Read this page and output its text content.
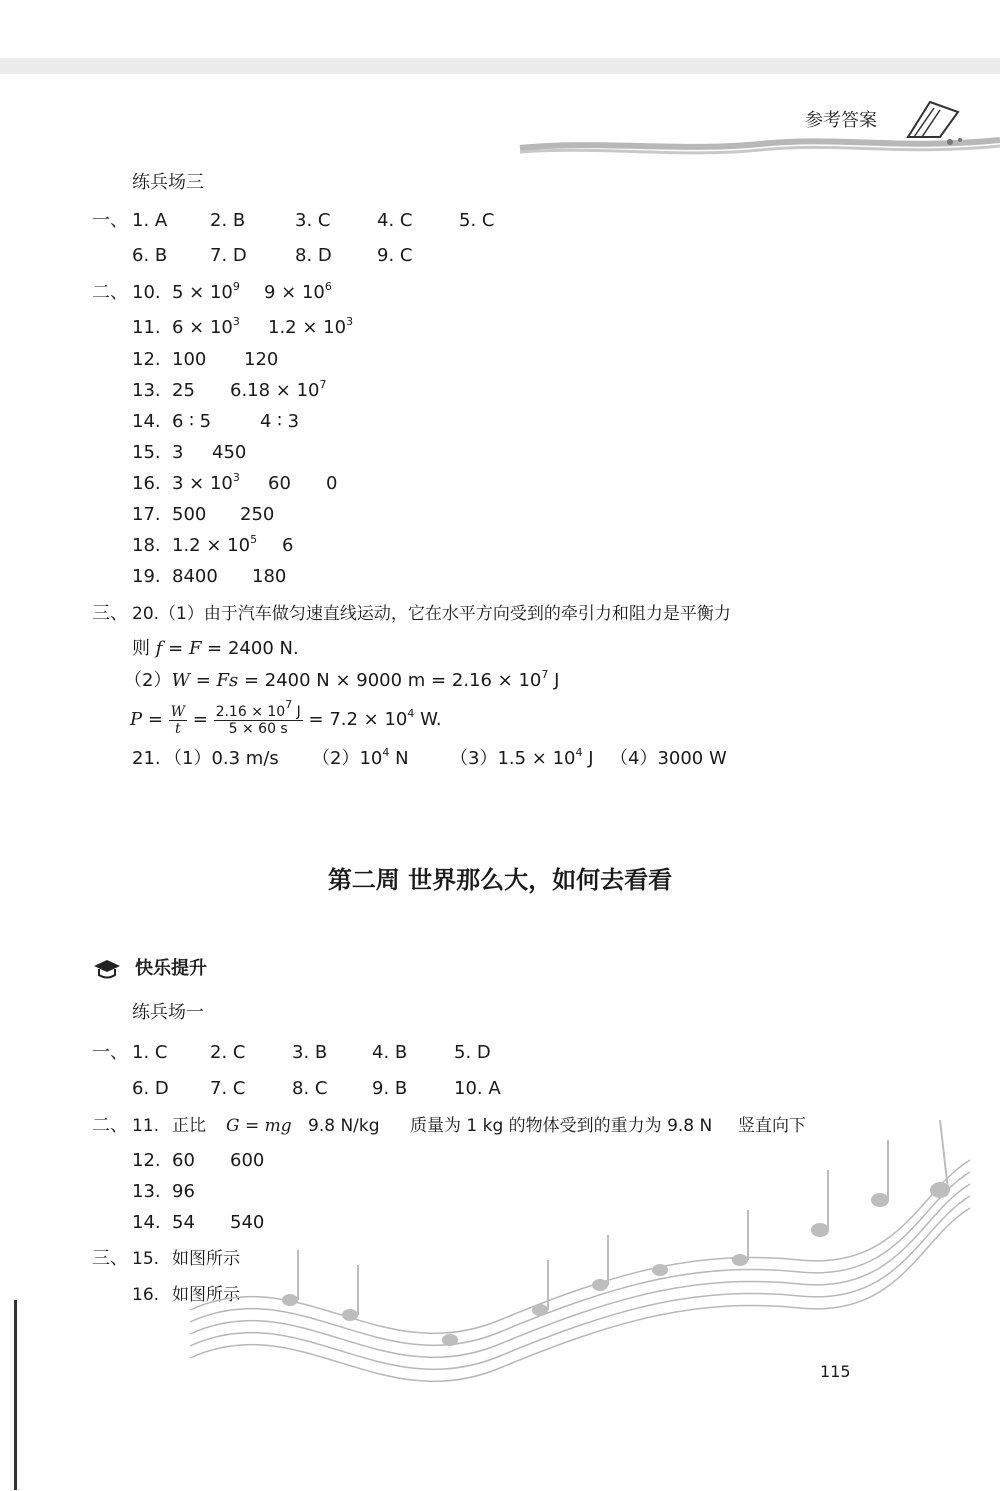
参考答案
练兵场三
一、 1. A 2. B	3. C	4. C	5. C
6. B 7. D	8. D	9. C
二、 10. $5 \times 10^9$ $9 \times 10^6$
11. $6 \times 10^3$ $1.2 \times 10^3$
12. 100 120
13. 25 $6.18 \times 10^7$
14. 6 ∶ 5	4 ∶ 3
15. 3 450
16. $3 \times 10^3$ 60 0
17. 500 250
18. $1.2 \times 10^5$ 6
19. 8400 180
三、 20.（1）由于汽车做匀速直线运动，它在水平方向受到的牵引力和阻力是平衡力
则 f = F = 2400 N.
（2）W = Fs = 2400 N × 9000 $m = 2.16 \times 10^7$ J
$P = \frac{W}{t} = \frac{2.16 \times 10^7 J}{5 \times 60 s} = 7.2 \times 10^4$ W.
21. （1）0.3 m/s $(2)10^4$ N $(3)1.5 \times 10^4$ J （4）3000 W
第二周 世界那么大，如何去看看
快乐提升
练兵场一
一、 1. C 2. C	3. B 4. B	5. D
6. D 7. C	8. C 9. B	10. A
二、 11. 正比 G = mg 9.8 N/kg 质量为 1 kg 的物体受到的重力为 9.8 N 竖直向下
12. 60 600
13. 96
14. 54 540
三、 15. 如图所示
16. 如图所示
115
